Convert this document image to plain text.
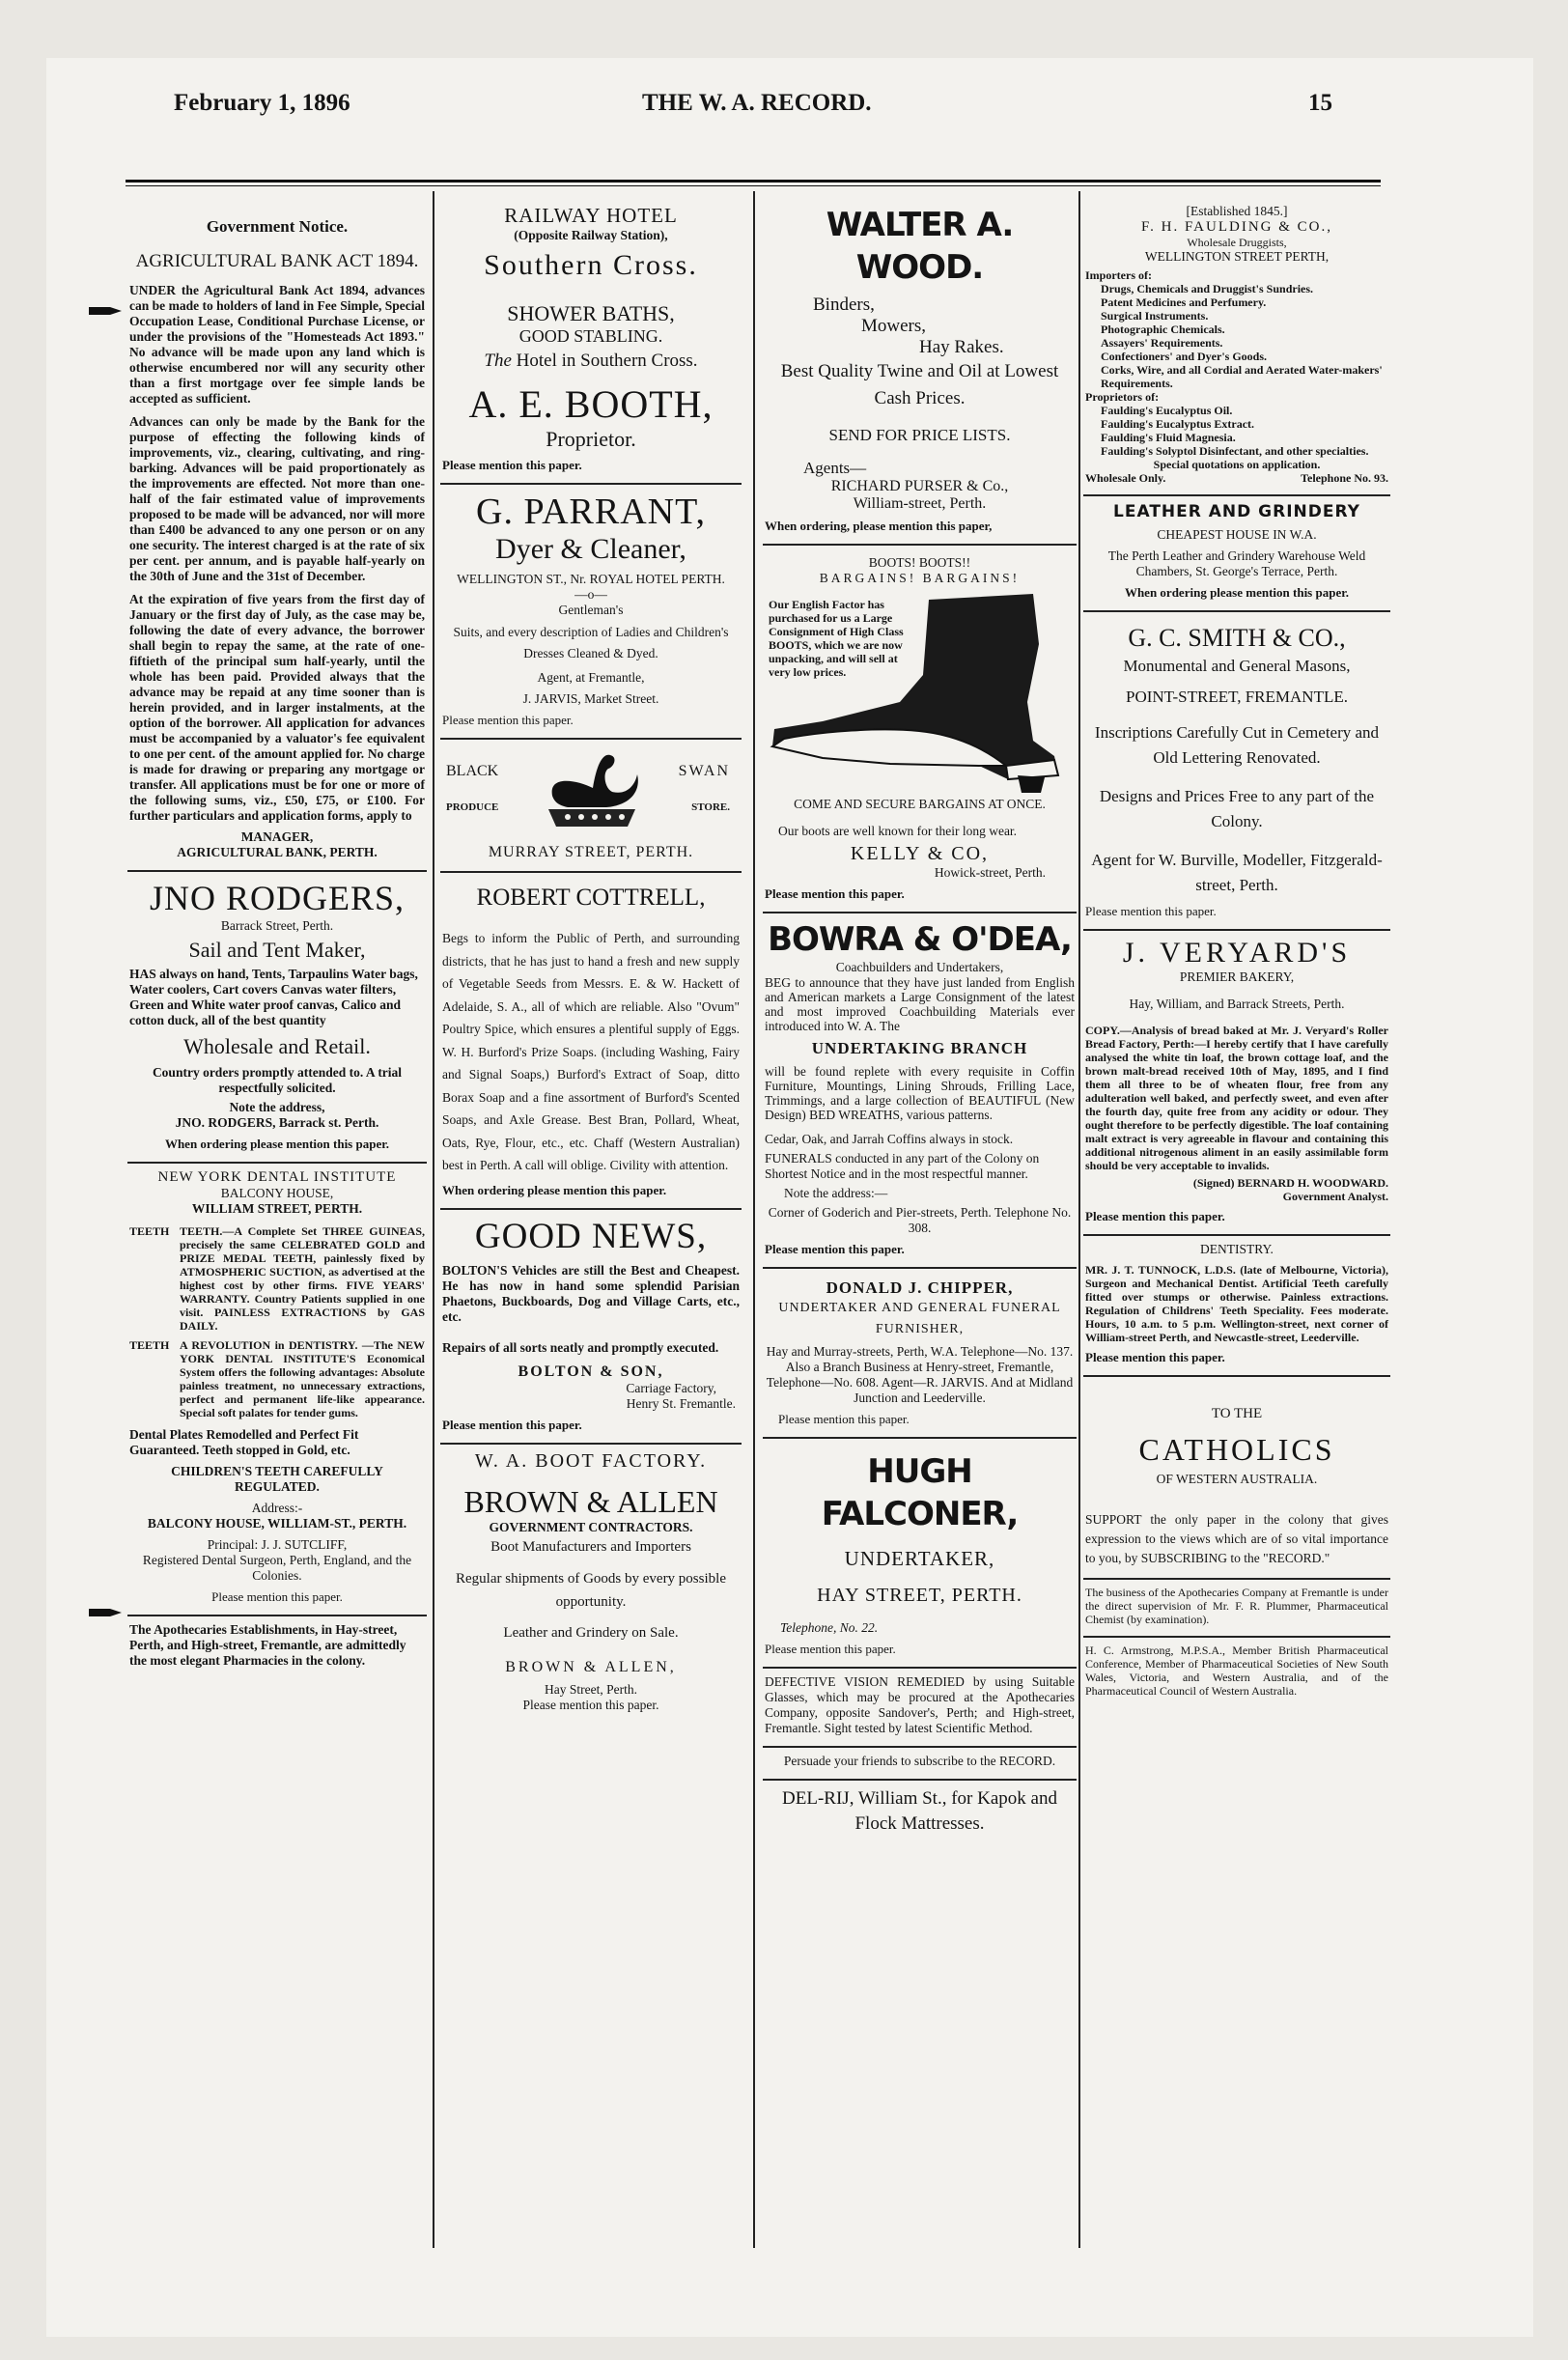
February 1, 1896	THE W. A. RECORD.	15

Government Notice.

AGRICULTURAL BANK ACT 1894.

UNDER the Agricultural Bank Act 1894, advances can be made to holders of land in Fee Simple, Special Occupation Lease, Conditional Purchase License, or under the provisions of the "Homesteads Act 1893." No advance will be made upon any land which is otherwise encumbered nor will any security other than a first mortgage over fee simple lands be accepted as sufficient.

Advances can only be made by the Bank for the purpose of effecting the following kinds of improvements, viz., clearing, cultivating, and ring-barking. Advances will be paid proportionately as the improvements are effected. Not more than one-half of the fair estimated value of improvements proposed to be made will be advanced, nor will more than £400 be advanced to any one person or on any one security. The interest charged is at the rate of six per cent. per annum, and is payable half-yearly on the 30th of June and the 31st of December.

At the expiration of five years from the first day of January or the first day of July, as the case may be, following the date of every advance, the borrower shall begin to repay the same, at the rate of one-fiftieth of the principal sum half-yearly, until the whole has been paid. Provided always that the advance may be repaid at any time sooner than is herein provided, and in larger instalments, at the option of the borrower. All application for advances must be accompanied by a valuator's fee equivalent to one per cent. of the amount applied for. No charge is made for drawing or preparing any mortgage or transfer. All applications must be for one or more of the following sums, viz., £50, £75, or £100. For further particulars and application forms, apply to

MANAGER,

AGRICULTURAL BANK, PERTH.

JNO RODGERS,

Barrack Street, Perth.

Sail and Tent Maker,

HAS always on hand, Tents, Tarpaulins Water bags, Water coolers, Cart covers Canvas water filters, Green and White water proof canvas, Calico and cotton duck, all of the best quantity

Wholesale and Retail.

Country orders promptly attended to. A trial respectfully solicited.

Note the address,

JNO. RODGERS, Barrack st. Perth.

When ordering please mention this paper.

NEW YORK DENTAL INSTITUTE

BALCONY HOUSE,

WILLIAM STREET, PERTH.

TEETH TEETH.—A Complete Set THREE GUINEAS, precisely the same CELEBRATED GOLD and PRIZE MEDAL TEETH, painlessly fixed by ATMOSPHERIC SUCTION, as advertised at the highest cost by other firms. FIVE YEARS' WARRANTY. Country Patients supplied in one visit. PAINLESS EXTRACTIONS by GAS DAILY.
TEETH A REVOLUTION in DENTISTRY. —The NEW YORK DENTAL INSTITUTE'S Economical System offers the following advantages: Absolute painless treatment, no unnecessary extractions, perfect and permanent life-like appearance. Special soft palates for tender gums.

Dental Plates Remodelled and Perfect Fit Guaranteed. Teeth stopped in Gold, etc.

CHILDREN'S TEETH CAREFULLY REGULATED.

Address:-

BALCONY HOUSE, WILLIAM-ST., PERTH.

Principal: J. J. SUTCLIFF,

Registered Dental Surgeon, Perth, England, and the Colonies.

Please mention this paper.

The Apothecaries Establishments, in Hay-street, Perth, and High-street, Fremantle, are admittedly the most elegant Pharmacies in the colony.

RAILWAY HOTEL

(Opposite Railway Station),

Southern Cross.

SHOWER BATHS,

GOOD STABLING.

The Hotel in Southern Cross.

A. E. BOOTH,

Proprietor.

Please mention this paper.

G. PARRANT,

Dyer & Cleaner,

WELLINGTON ST., Nr. ROYAL HOTEL PERTH.

—o—

Gentleman's

Suits, and every description of Ladies and Children's Dresses Cleaned & Dyed.

Agent, at Fremantle,

J. JARVIS, Market Street.

Please mention this paper.

BLACK	SWAN
PRODUCE	STORE.

MURRAY STREET, PERTH.

ROBERT COTTRELL,

Begs to inform the Public of Perth, and surrounding districts, that he has just to hand a fresh and new supply of Vegetable Seeds from Messrs. E. & W. Hackett of Adelaide, S. A., all of which are reliable. Also "Ovum" Poultry Spice, which ensures a plentiful supply of Eggs. W. H. Burford's Prize Soaps. (including Washing, Fairy and Signal Soaps,) Burford's Extract of Soap, ditto Borax Soap and a fine assortment of Burford's Scented Soaps, and Axle Grease. Best Bran, Pollard, Wheat, Oats, Rye, Flour, etc., etc. Chaff (Western Australian) best in Perth. A call will oblige. Civility with attention.

When ordering please mention this paper.

GOOD NEWS,

BOLTON'S Vehicles are still the Best and Cheapest. He has now in hand some splendid Parisian Phaetons, Buckboards, Dog and Village Carts, etc., etc.

Repairs of all sorts neatly and promptly executed.

BOLTON & SON,

Carriage Factory,

Henry St. Fremantle.

Please mention this paper.

W. A. BOOT FACTORY.

BROWN & ALLEN

GOVERNMENT CONTRACTORS.

Boot Manufacturers and Importers

Regular shipments of Goods by every possible opportunity.

Leather and Grindery on Sale.

BROWN & ALLEN,

Hay Street, Perth.

Please mention this paper.

WALTER A. WOOD.

Binders,

Mowers,

Hay Rakes.

Best Quality Twine and Oil at Lowest Cash Prices.

SEND FOR PRICE LISTS.

Agents—

RICHARD PURSER & Co.,

William-street, Perth.

When ordering, please mention this paper,

BOOTS! BOOTS!!

BARGAINS! BARGAINS!

Our English Factor has purchased for us a Large Consignment of High Class BOOTS, which we are now unpacking, and will sell at very low prices.

COME AND SECURE BARGAINS AT ONCE.

Our boots are well known for their long wear.

KELLY & CO,

Howick-street, Perth.

Please mention this paper.

BOWRA & O'DEA,

Coachbuilders and Undertakers,

BEG to announce that they have just landed from English and American markets a Large Consignment of the latest and most improved Coachbuilding Materials ever introduced into W. A. The

UNDERTAKING BRANCH

will be found replete with every requisite in Coffin Furniture, Mountings, Lining Shrouds, Frilling Lace, Trimmings, and a large collection of BEAUTIFUL (New Design) BED WREATHS, various patterns.

Cedar, Oak, and Jarrah Coffins always in stock.

FUNERALS conducted in any part of the Colony on Shortest Notice and in the most respectful manner.

Note the address:—

Corner of Goderich and Pier-streets, Perth. Telephone No. 308.

Please mention this paper.

DONALD J. CHIPPER,

UNDERTAKER AND GENERAL FUNERAL FURNISHER,

Hay and Murray-streets, Perth, W.A. Telephone—No. 137. Also a Branch Business at Henry-street, Fremantle, Telephone—No. 608. Agent—R. JARVIS. And at Midland Junction and Leederville.

Please mention this paper.

HUGH FALCONER,

UNDERTAKER,

HAY STREET, PERTH.

Telephone, No. 22.

Please mention this paper.

DEFECTIVE VISION REMEDIED by using Suitable Glasses, which may be procured at the Apothecaries Company, opposite Sandover's, Perth; and High-street, Fremantle. Sight tested by latest Scientific Method.

Persuade your friends to subscribe to the RECORD.

DEL-RIJ, William St., for Kapok and Flock Mattresses.

[Established 1845.]

F. H. FAULDING & CO.,

Wholesale Druggists,

WELLINGTON STREET PERTH,

Importers of:

Drugs, Chemicals and Druggist's Sundries.

Patent Medicines and Perfumery.

Surgical Instruments.

Photographic Chemicals.

Assayers' Requirements.

Confectioners' and Dyer's Goods.

Corks, Wire, and all Cordial and Aerated Water-makers' Requirements.

Proprietors of:

Faulding's Eucalyptus Oil.

Faulding's Eucalyptus Extract.

Faulding's Fluid Magnesia.

Faulding's Solyptol Disinfectant, and other specialties.

Special quotations on application.

Wholesale Only.	Telephone No. 93.

LEATHER AND GRINDERY

CHEAPEST HOUSE IN W.A.

The Perth Leather and Grindery Warehouse Weld Chambers, St. George's Terrace, Perth.

When ordering please mention this paper.

G. C. SMITH & CO.,

Monumental and General Masons,

POINT-STREET, FREMANTLE.

Inscriptions Carefully Cut in Cemetery and Old Lettering Renovated.

Designs and Prices Free to any part of the Colony.

Agent for W. Burville, Modeller, Fitzgerald-street, Perth.

Please mention this paper.

J. VERYARD'S

PREMIER BAKERY,

Hay, William, and Barrack Streets, Perth.

COPY.—Analysis of bread baked at Mr. J. Veryard's Roller Bread Factory, Perth:—I hereby certify that I have carefully analysed the white tin loaf, the brown cottage loaf, and the brown malt-bread received 10th of May, 1895, and I find them all three to be of wheaten flour, free from any adulteration well baked, and perfectly sweet, and even after the fourth day, quite free from any acidity or odour. They ought therefore to be perfectly digestible. The loaf containing malt extract is very agreeable in flavour and containing this additional nitrogenous aliment in an easily assimilable form should be very acceptable to invalids.

(Signed) BERNARD H. WOODWARD.

Government Analyst.

Please mention this paper.

DENTISTRY.

MR. J. T. TUNNOCK, L.D.S. (late of Melbourne, Victoria), Surgeon and Mechanical Dentist. Artificial Teeth carefully fitted over stumps or otherwise. Painless extractions. Regulation of Childrens' Teeth Speciality. Fees moderate. Hours, 10 a.m. to 5 p.m. Wellington-street, next corner of William-street Perth, and Newcastle-street, Leederville.

Please mention this paper.

TO THE

CATHOLICS

OF WESTERN AUSTRALIA.

SUPPORT the only paper in the colony that gives expression to the views which are of so vital importance to you, by SUBSCRIBING to the "RECORD."

The business of the Apothecaries Company at Fremantle is under the direct supervision of Mr. F. R. Plummer, Pharmaceutical Chemist (by examination).

H. C. Armstrong, M.P.S.A., Member British Pharmaceutical Conference, Member of Pharmaceutical Societies of New South Wales, Victoria, and Western Australia, and of the Pharmaceutical Council of Western Australia.
